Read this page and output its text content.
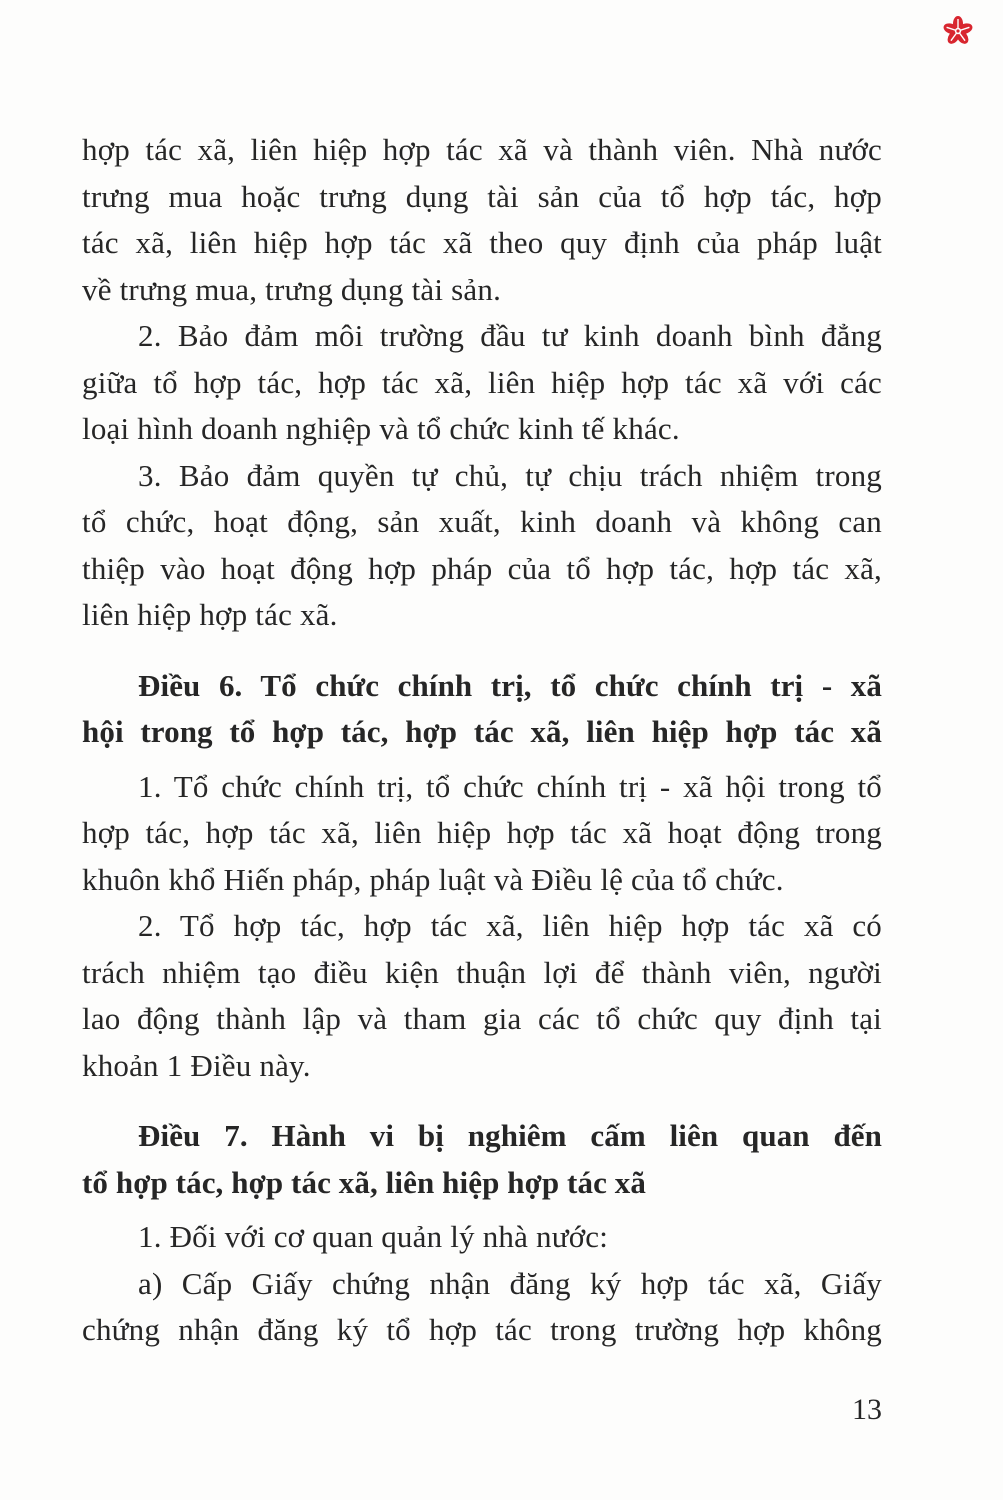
hợp tác xã, liên hiệp hợp tác xã và thành viên. Nhà nước
trưng mua hoặc trưng dụng tài sản của tổ hợp tác, hợp
tác xã, liên hiệp hợp tác xã theo quy định của pháp luật
về trưng mua, trưng dụng tài sản.
2. Bảo đảm môi trường đầu tư kinh doanh bình đẳng
giữa tổ hợp tác, hợp tác xã, liên hiệp hợp tác xã với các
loại hình doanh nghiệp và tổ chức kinh tế khác.
3. Bảo đảm quyền tự chủ, tự chịu trách nhiệm trong
tổ chức, hoạt động, sản xuất, kinh doanh và không can
thiệp vào hoạt động hợp pháp của tổ hợp tác, hợp tác xã,
liên hiệp hợp tác xã.
Điều 6. Tổ chức chính trị, tổ chức chính trị - xã
hội trong tổ hợp tác, hợp tác xã, liên hiệp hợp tác xã
1. Tổ chức chính trị, tổ chức chính trị - xã hội trong tổ
hợp tác, hợp tác xã, liên hiệp hợp tác xã hoạt động trong
khuôn khổ Hiến pháp, pháp luật và Điều lệ của tổ chức.
2. Tổ hợp tác, hợp tác xã, liên hiệp hợp tác xã có
trách nhiệm tạo điều kiện thuận lợi để thành viên, người
lao động thành lập và tham gia các tổ chức quy định tại
khoản 1 Điều này.
Điều 7. Hành vi bị nghiêm cấm liên quan đến
tổ hợp tác, hợp tác xã, liên hiệp hợp tác xã
1. Đối với cơ quan quản lý nhà nước:
a) Cấp Giấy chứng nhận đăng ký hợp tác xã, Giấy
chứng nhận đăng ký tổ hợp tác trong trường hợp không
13
